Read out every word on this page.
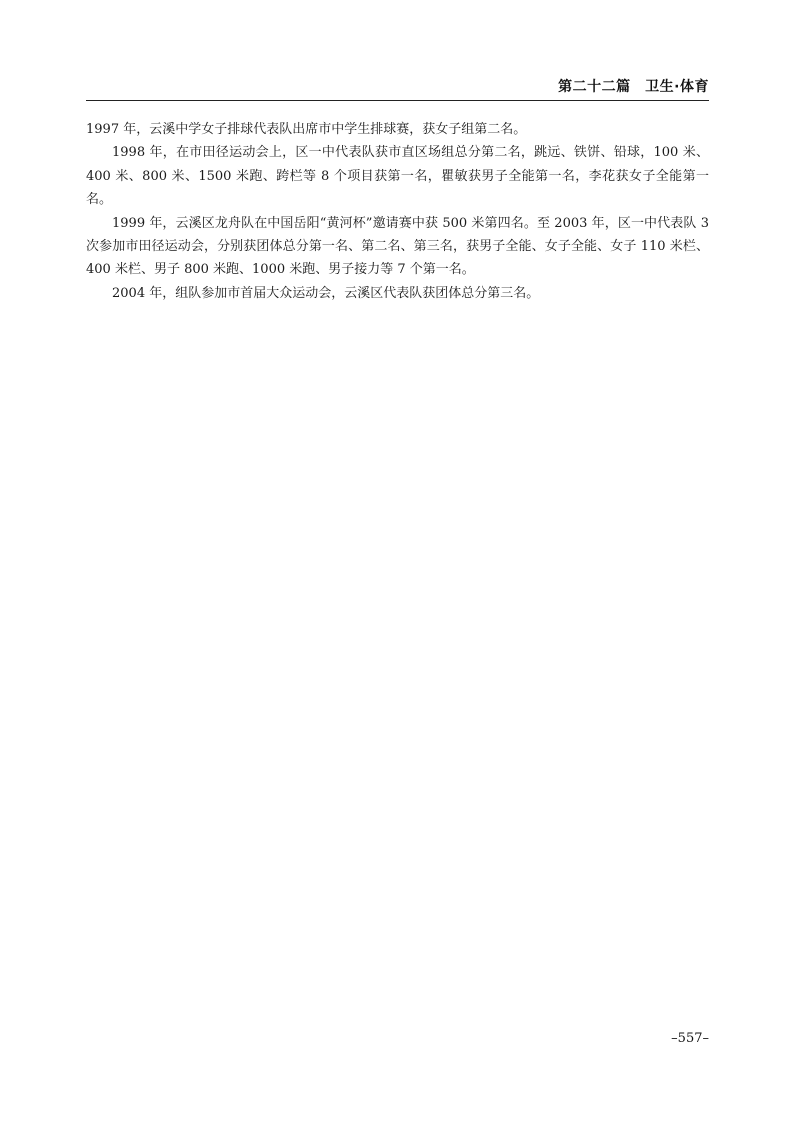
第二十二篇　卫生·体育

1997 年，云溪中学女子排球代表队出席市中学生排球赛，获女子组第二名。

1998 年，在市田径运动会上，区一中代表队获市直区场组总分第二名，跳远、铁饼、铅球，100 米、400 米、800 米、1500 米跑、跨栏等 8 个项目获第一名，瞿敏获男子全能第一名，李花获女子全能第一名。

1999 年，云溪区龙舟队在中国岳阳“黄河杯”邀请赛中获 500 米第四名。至 2003 年，区一中代表队 3 次参加市田径运动会，分别获团体总分第一名、第二名、第三名，获男子全能、女子全能、女子 110 米栏、400 米栏、男子 800 米跑、1000 米跑、男子接力等 7 个第一名。

2004 年，组队参加市首届大众运动会，云溪区代表队获团体总分第三名。

–557–
